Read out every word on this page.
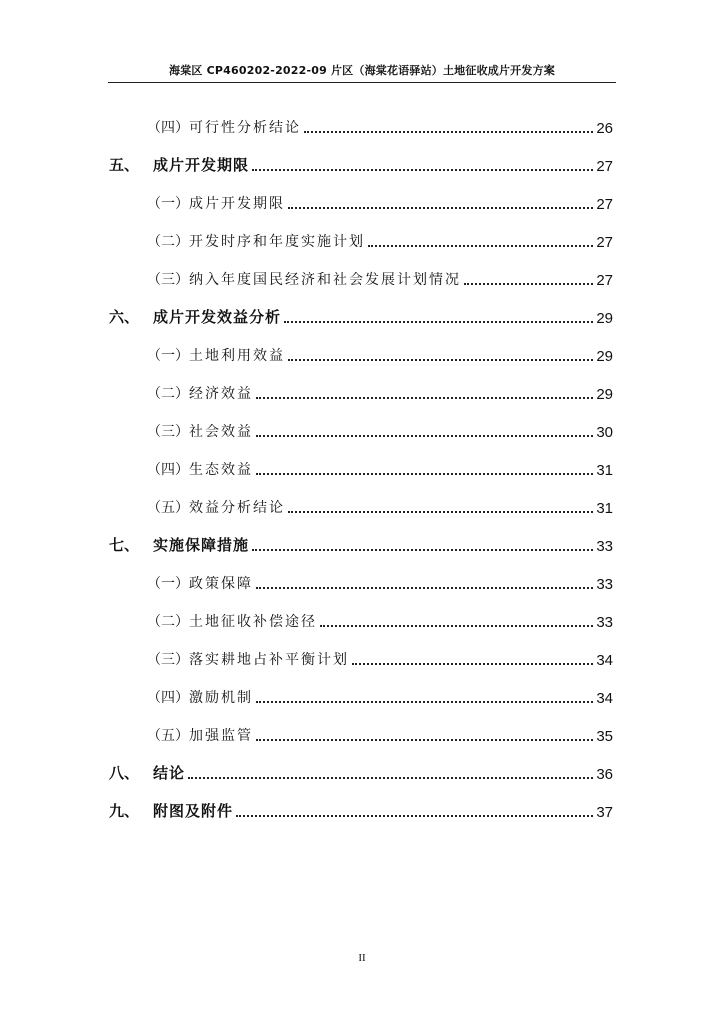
海棠区 CP460202-2022-09 片区（海棠花语驿站）土地征收成片开发方案
（四） 可行性分析结论	26
五、 成片开发期限	27
（一） 成片开发期限	27
（二） 开发时序和年度实施计划	27
（三） 纳入年度国民经济和社会发展计划情况	27
六、 成片开发效益分析	29
（一） 土地利用效益	29
（二） 经济效益	29
（三） 社会效益	30
（四） 生态效益	31
（五） 效益分析结论	31
七、 实施保障措施	33
（一） 政策保障	33
（二） 土地征收补偿途径	33
（三） 落实耕地占补平衡计划	34
（四） 激励机制	34
（五） 加强监管	35
八、 结论	36
九、 附图及附件	37
II
